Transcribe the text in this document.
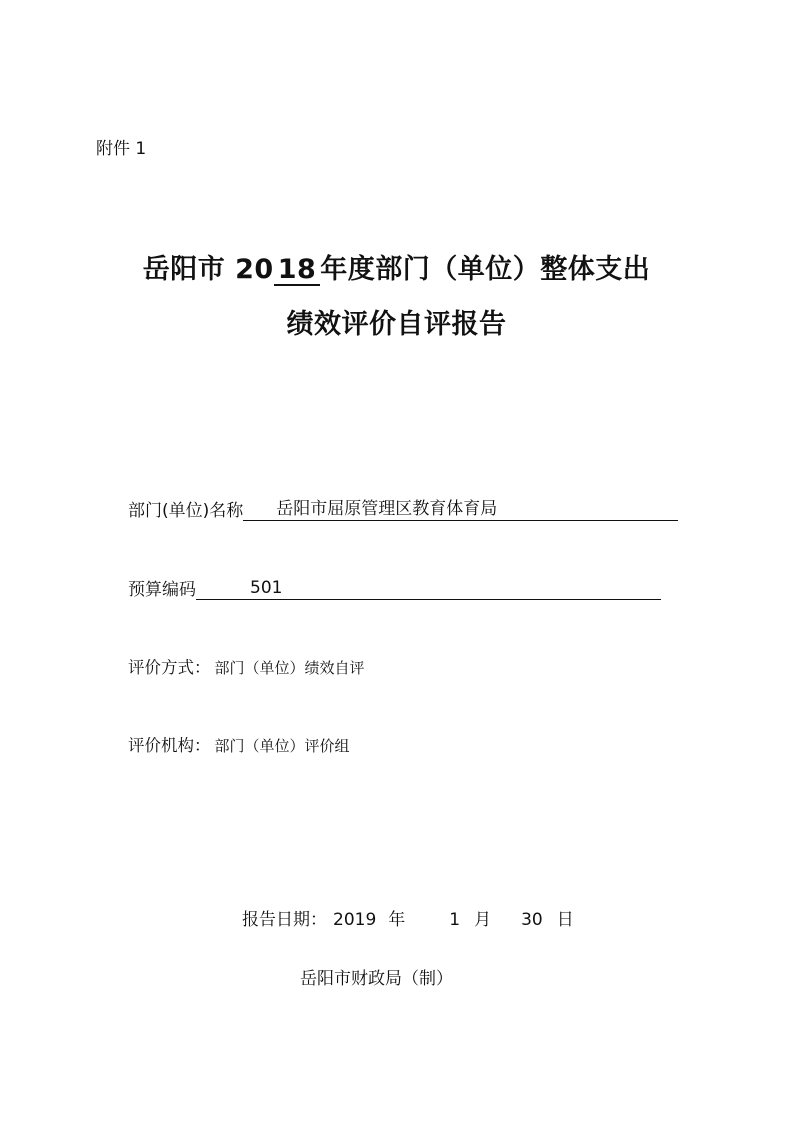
附件 1
岳阳市 20 18 年度部门（单位）整体支出
绩效评价自评报告
部门(单位)名称	岳阳市屈原管理区教育体育局
预算编码	501
评价方式： 部门（单位）绩效自评
评价机构： 部门（单位）评价组
报告日期： 2019 年	1 月 30 日
岳阳市财政局（制）
